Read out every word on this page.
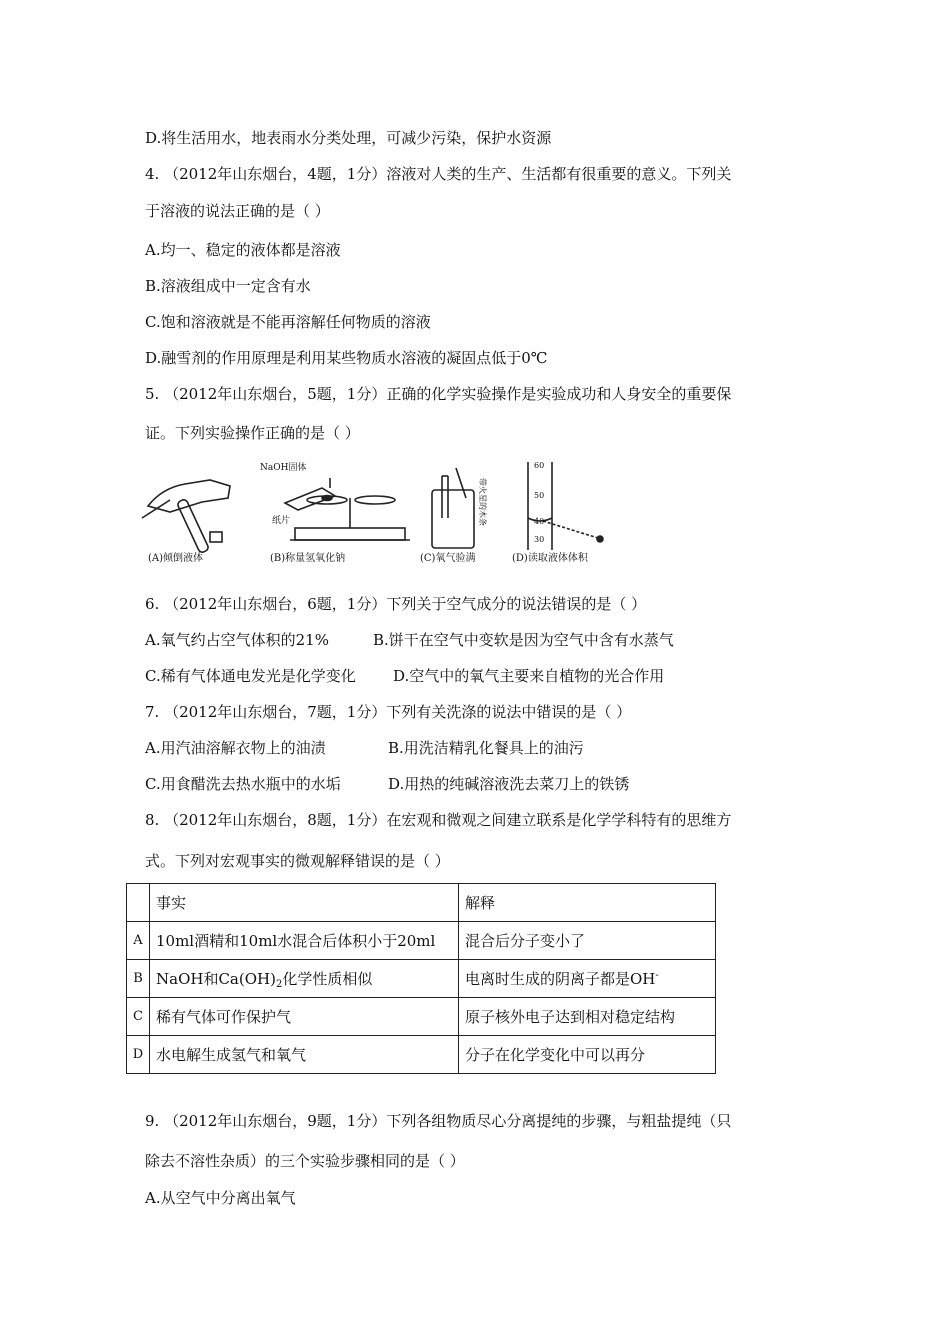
D.将生活用水，地表雨水分类处理，可减少污染，保护水资源
4. （2012年山东烟台，4题，1分）溶液对人类的生产、生活都有很重要的意义。下列关
于溶液的说法正确的是（ ）
A.均一、稳定的液体都是溶液
B.溶液组成中一定含有水
C.饱和溶液就是不能再溶解任何物质的溶液
D.融雪剂的作用原理是利用某些物质水溶液的凝固点低于0℃
5. （2012年山东烟台，5题，1分）正确的化学实验操作是实验成功和人身安全的重要保
证。下列实验操作正确的是（ ）
NaOH固体
纸片	带火星的木条
60
50
40
30
(A)倾倒液体	(B)称量氢氧化钠	(C)氧气验满	(D)读取液体体积
6. （2012年山东烟台，6题，1分）下列关于空气成分的说法错误的是（ ）
A.氧气约占空气体积的21%	B.饼干在空气中变软是因为空气中含有水蒸气
C.稀有气体通电发光是化学变化 D.空气中的氧气主要来自植物的光合作用
7. （2012年山东烟台，7题，1分）下列有关洗涤的说法中错误的是（ ）
A.用汽油溶解衣物上的油渍	B.用洗洁精乳化餐具上的油污
C.用食醋洗去热水瓶中的水垢	D.用热的纯碱溶液洗去菜刀上的铁锈
8. （2012年山东烟台，8题，1分）在宏观和微观之间建立联系是化学学科特有的思维方
式。下列对宏观事实的微观解释错误的是（ ）
	事实	解释
A	10ml酒精和10ml水混合后体积小于20ml	混合后分子变小了
B	NaOH和$Ca(OH)_2$化学性质相似	电离时生成的阴离子都是OH-
C	稀有气体可作保护气	原子核外电子达到相对稳定结构
D	水电解生成氢气和氧气	分子在化学变化中可以再分
9. （2012年山东烟台，9题，1分）下列各组物质尽心分离提纯的步骤，与粗盐提纯（只
除去不溶性杂质）的三个实验步骤相同的是（ ）
A.从空气中分离出氧气
